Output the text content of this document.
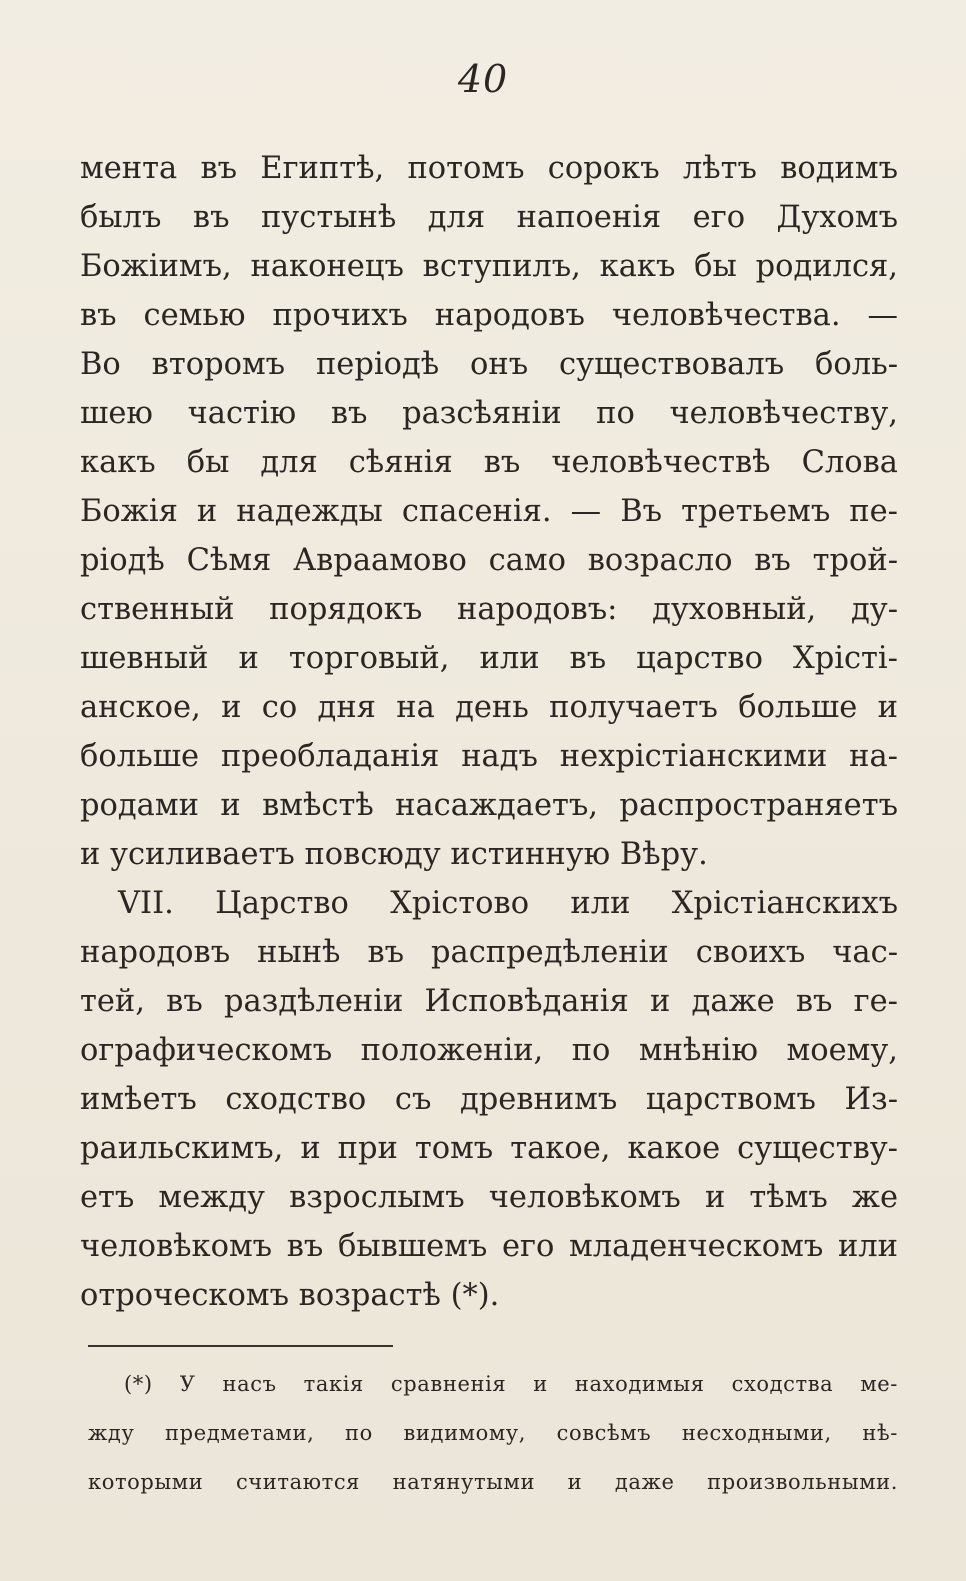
40
мента въ Египтѣ, потомъ сорокъ лѣтъ водимъ
былъ въ пустынѣ для напоенія его Духомъ
Божіимъ, наконецъ вступилъ, какъ бы родился,
въ семью прочихъ народовъ человѣчества. —
Во второмъ періодѣ онъ существовалъ боль-
шею частію въ разсѣяніи по человѣчеству,
какъ бы для сѣянія въ человѣчествѣ Слова
Божія и надежды спасенія. — Въ третьемъ пе-
ріодѣ Сѣмя Авраамово само возрасло въ трой-
ственный порядокъ народовъ: духовный, ду-
шевный и торговый, или въ царство Хрісті-
анское, и со дня на день получаетъ больше и
больше преобладанія надъ нехрістіанскими на-
родами и вмѣстѣ насаждаетъ, распространяетъ
и усиливаетъ повсюду истинную Вѣру.
VII. Царство Хрістово или Хрістіанскихъ
народовъ нынѣ въ распредѣленіи своихъ час-
тей, въ раздѣленіи Исповѣданія и даже въ ге-
ографическомъ положеніи, по мнѣнію моему,
имѣетъ сходство съ древнимъ царствомъ Из-
раильскимъ, и при томъ такое, какое существу-
етъ между взрослымъ человѣкомъ и тѣмъ же
человѣкомъ въ бывшемъ его младенческомъ или
отроческомъ возрастѣ (*).
(*) У насъ такія сравненія и находимыя сходства ме-
жду предметами, по видимому, совсѣмъ несходными, нѣ-
которыми считаются натянутыми и даже произвольными.
